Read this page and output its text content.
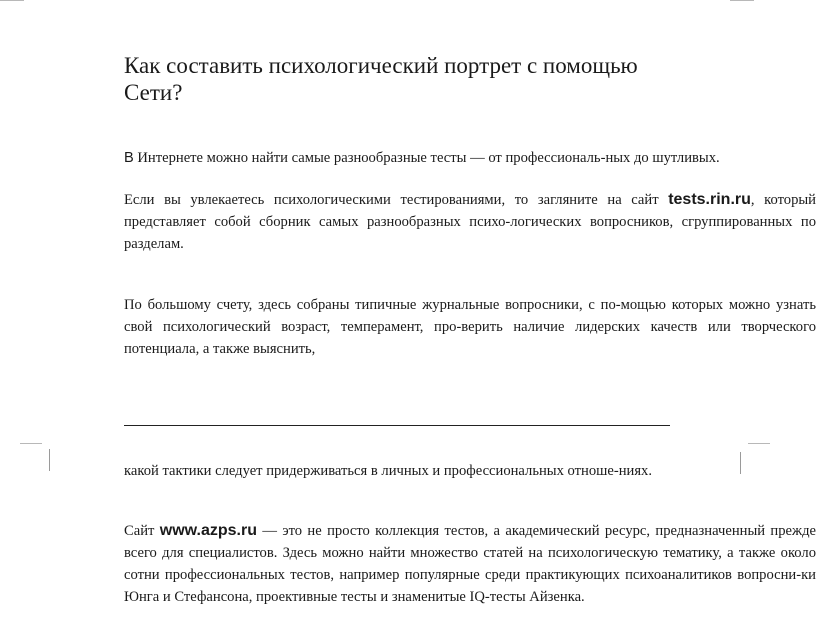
Как составить психологический портрет с помощью
Сети?

В Интернете можно найти самые разнообразные тесты — от профессиональ-ных до шутливых.

Если вы увлекаетесь психологическими тестированиями, то загляните на сайт tests.rin.ru, который представляет собой сборник самых разнообразных психо-логических вопросников, сгруппированных по разделам.

По большому счету, здесь собраны типичные журнальные вопросники, с по-мощью которых можно узнать свой психологический возраст, темперамент, про-верить наличие лидерских качеств или творческого потенциала, а также выяснить,

какой тактики следует придерживаться в личных и профессиональных отноше-ниях.

Сайт www.azps.ru — это не просто коллекция тестов, а академический ресурс, предназначенный прежде всего для специалистов. Здесь можно найти множество статей на психологическую тематику, а также около сотни профессиональных тестов, например популярные среди практикующих психоаналитиков вопросни-ки Юнга и Стефансона, проективные тесты и знаменитые IQ-тесты Айзенка.
